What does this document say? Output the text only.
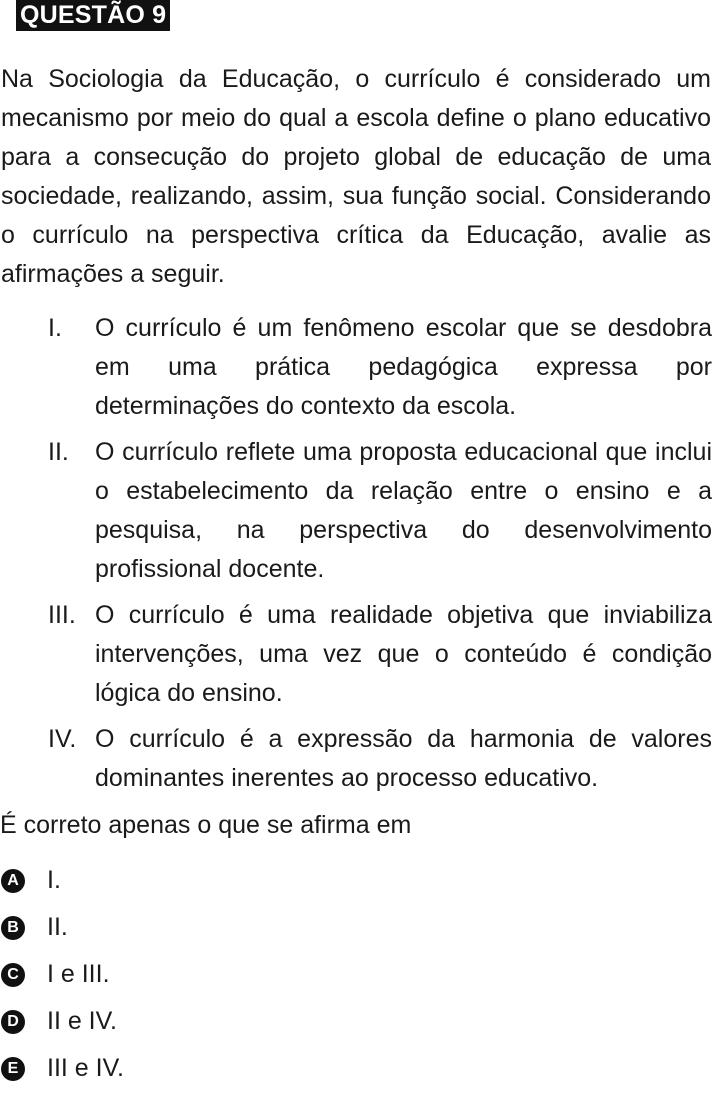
QUESTÃO 9

Na Sociologia da Educação, o currículo é considerado um mecanismo por meio do qual a escola define o plano educativo para a consecução do projeto global de educação de uma sociedade, realizando, assim, sua função social. Considerando o currículo na perspectiva crítica da Educação, avalie as afirmações a seguir.

I.	O currículo é um fenômeno escolar que se desdobra em uma prática pedagógica expressa por determinações do contexto da escola.
II.	O currículo reflete uma proposta educacional que inclui o estabelecimento da relação entre o ensino e a pesquisa, na perspectiva do desenvolvimento profissional docente.
III. O currículo é uma realidade objetiva que inviabiliza intervenções, uma vez que o conteúdo é condição lógica do ensino.
IV. O currículo é a expressão da harmonia de valores dominantes inerentes ao processo educativo.

É correto apenas o que se afirma em

A I.
B II.
C I e III.
D II e IV.
E III e IV.
